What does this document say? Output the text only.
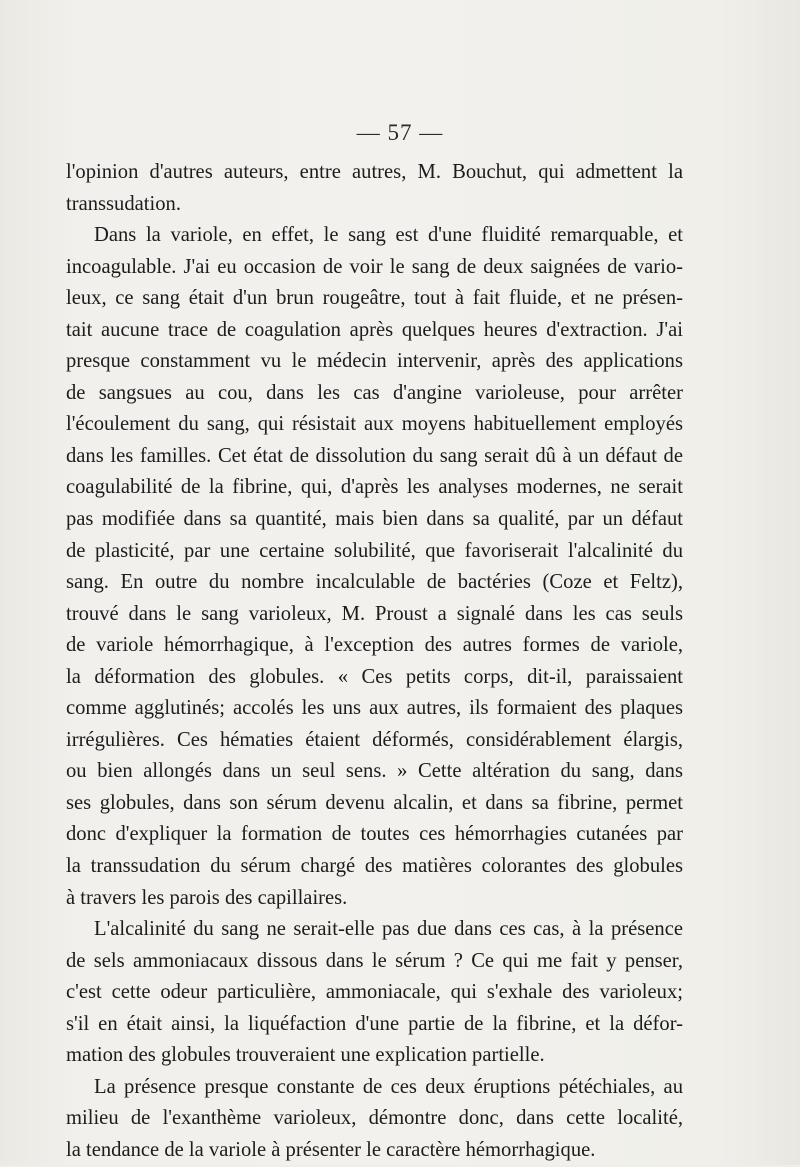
— 57 —
l'opinion d'autres auteurs, entre autres, M. Bouchut, qui admettent la
transsudation.
Dans la variole, en effet, le sang est d'une fluidité remarquable, et
incoagulable. J'ai eu occasion de voir le sang de deux saignées de vario-
leux, ce sang était d'un brun rougeâtre, tout à fait fluide, et ne présen-
tait aucune trace de coagulation après quelques heures d'extraction. J'ai
presque constamment vu le médecin intervenir, après des applications
de sangsues au cou, dans les cas d'angine varioleuse, pour arrêter
l'écoulement du sang, qui résistait aux moyens habituellement employés
dans les familles. Cet état de dissolution du sang serait dû à un défaut de
coagulabilité de la fibrine, qui, d'après les analyses modernes, ne serait
pas modifiée dans sa quantité, mais bien dans sa qualité, par un défaut
de plasticité, par une certaine solubilité, que favoriserait l'alcalinité du
sang. En outre du nombre incalculable de bactéries (Coze et Feltz),
trouvé dans le sang varioleux, M. Proust a signalé dans les cas seuls
de variole hémorrhagique, à l'exception des autres formes de variole,
la déformation des globules. « Ces petits corps, dit-il, paraissaient
comme agglutinés; accolés les uns aux autres, ils formaient des plaques
irrégulières. Ces hématies étaient déformés, considérablement élargis,
ou bien allongés dans un seul sens. » Cette altération du sang, dans
ses globules, dans son sérum devenu alcalin, et dans sa fibrine, permet
donc d'expliquer la formation de toutes ces hémorrhagies cutanées par
la transsudation du sérum chargé des matières colorantes des globules
à travers les parois des capillaires.
L'alcalinité du sang ne serait-elle pas due dans ces cas, à la présence
de sels ammoniacaux dissous dans le sérum ? Ce qui me fait y penser,
c'est cette odeur particulière, ammoniacale, qui s'exhale des varioleux;
s'il en était ainsi, la liquéfaction d'une partie de la fibrine, et la défor-
mation des globules trouveraient une explication partielle.
La présence presque constante de ces deux éruptions pétéchiales, au
milieu de l'exanthème varioleux, démontre donc, dans cette localité,
la tendance de la variole à présenter le caractère hémorrhagique.
